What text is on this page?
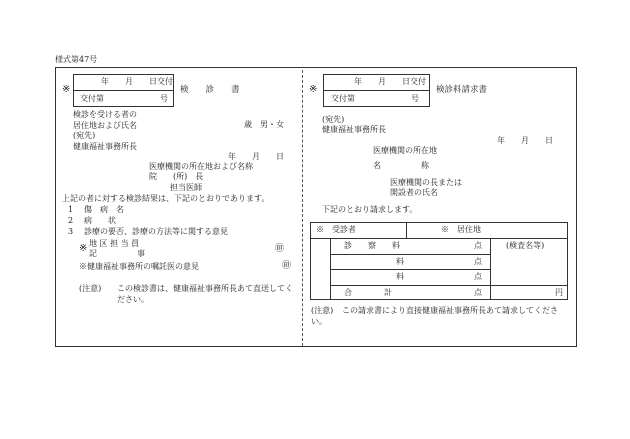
様式第47号
※
年　　月　　日交付
交付第　　　　　　　号
検　　診　　書
検診を受ける者の
居住地および氏名	歳　男・女
(宛先)
健康福祉事務所長
年　　月　　日
医療機関の所在地および名称
院　　(所)　長
担当医師
上記の者に対する検診結果は、下記のとおりであります。
1 傷　病　名
2 病　　状
3 診療の要否、診療の方法等に関する意見
※ 地 区 担 当 員
記　　　　　事	㊞
※健康福祉事務所の嘱託医の意見	㊞
(注意) この検診書は、健康福祉事務所長あて直送してく
ださい。
※
年　　月　　日交付
交付第　　　　　　　号
検診料請求書
(宛先)
健康福祉事務所長
年　　月　　日
医療機関の所在地
名　　　　　称
医療機関の長または
開設者の氏名
下記のとおり請求します。
※　受診者	※　居住地
診　　察　　料	点	(検査名等)
料	点
料	点
合　　　　計	点	円
(注意) この請求書により直接健康福祉事務所長あて請求してくださ
い。
